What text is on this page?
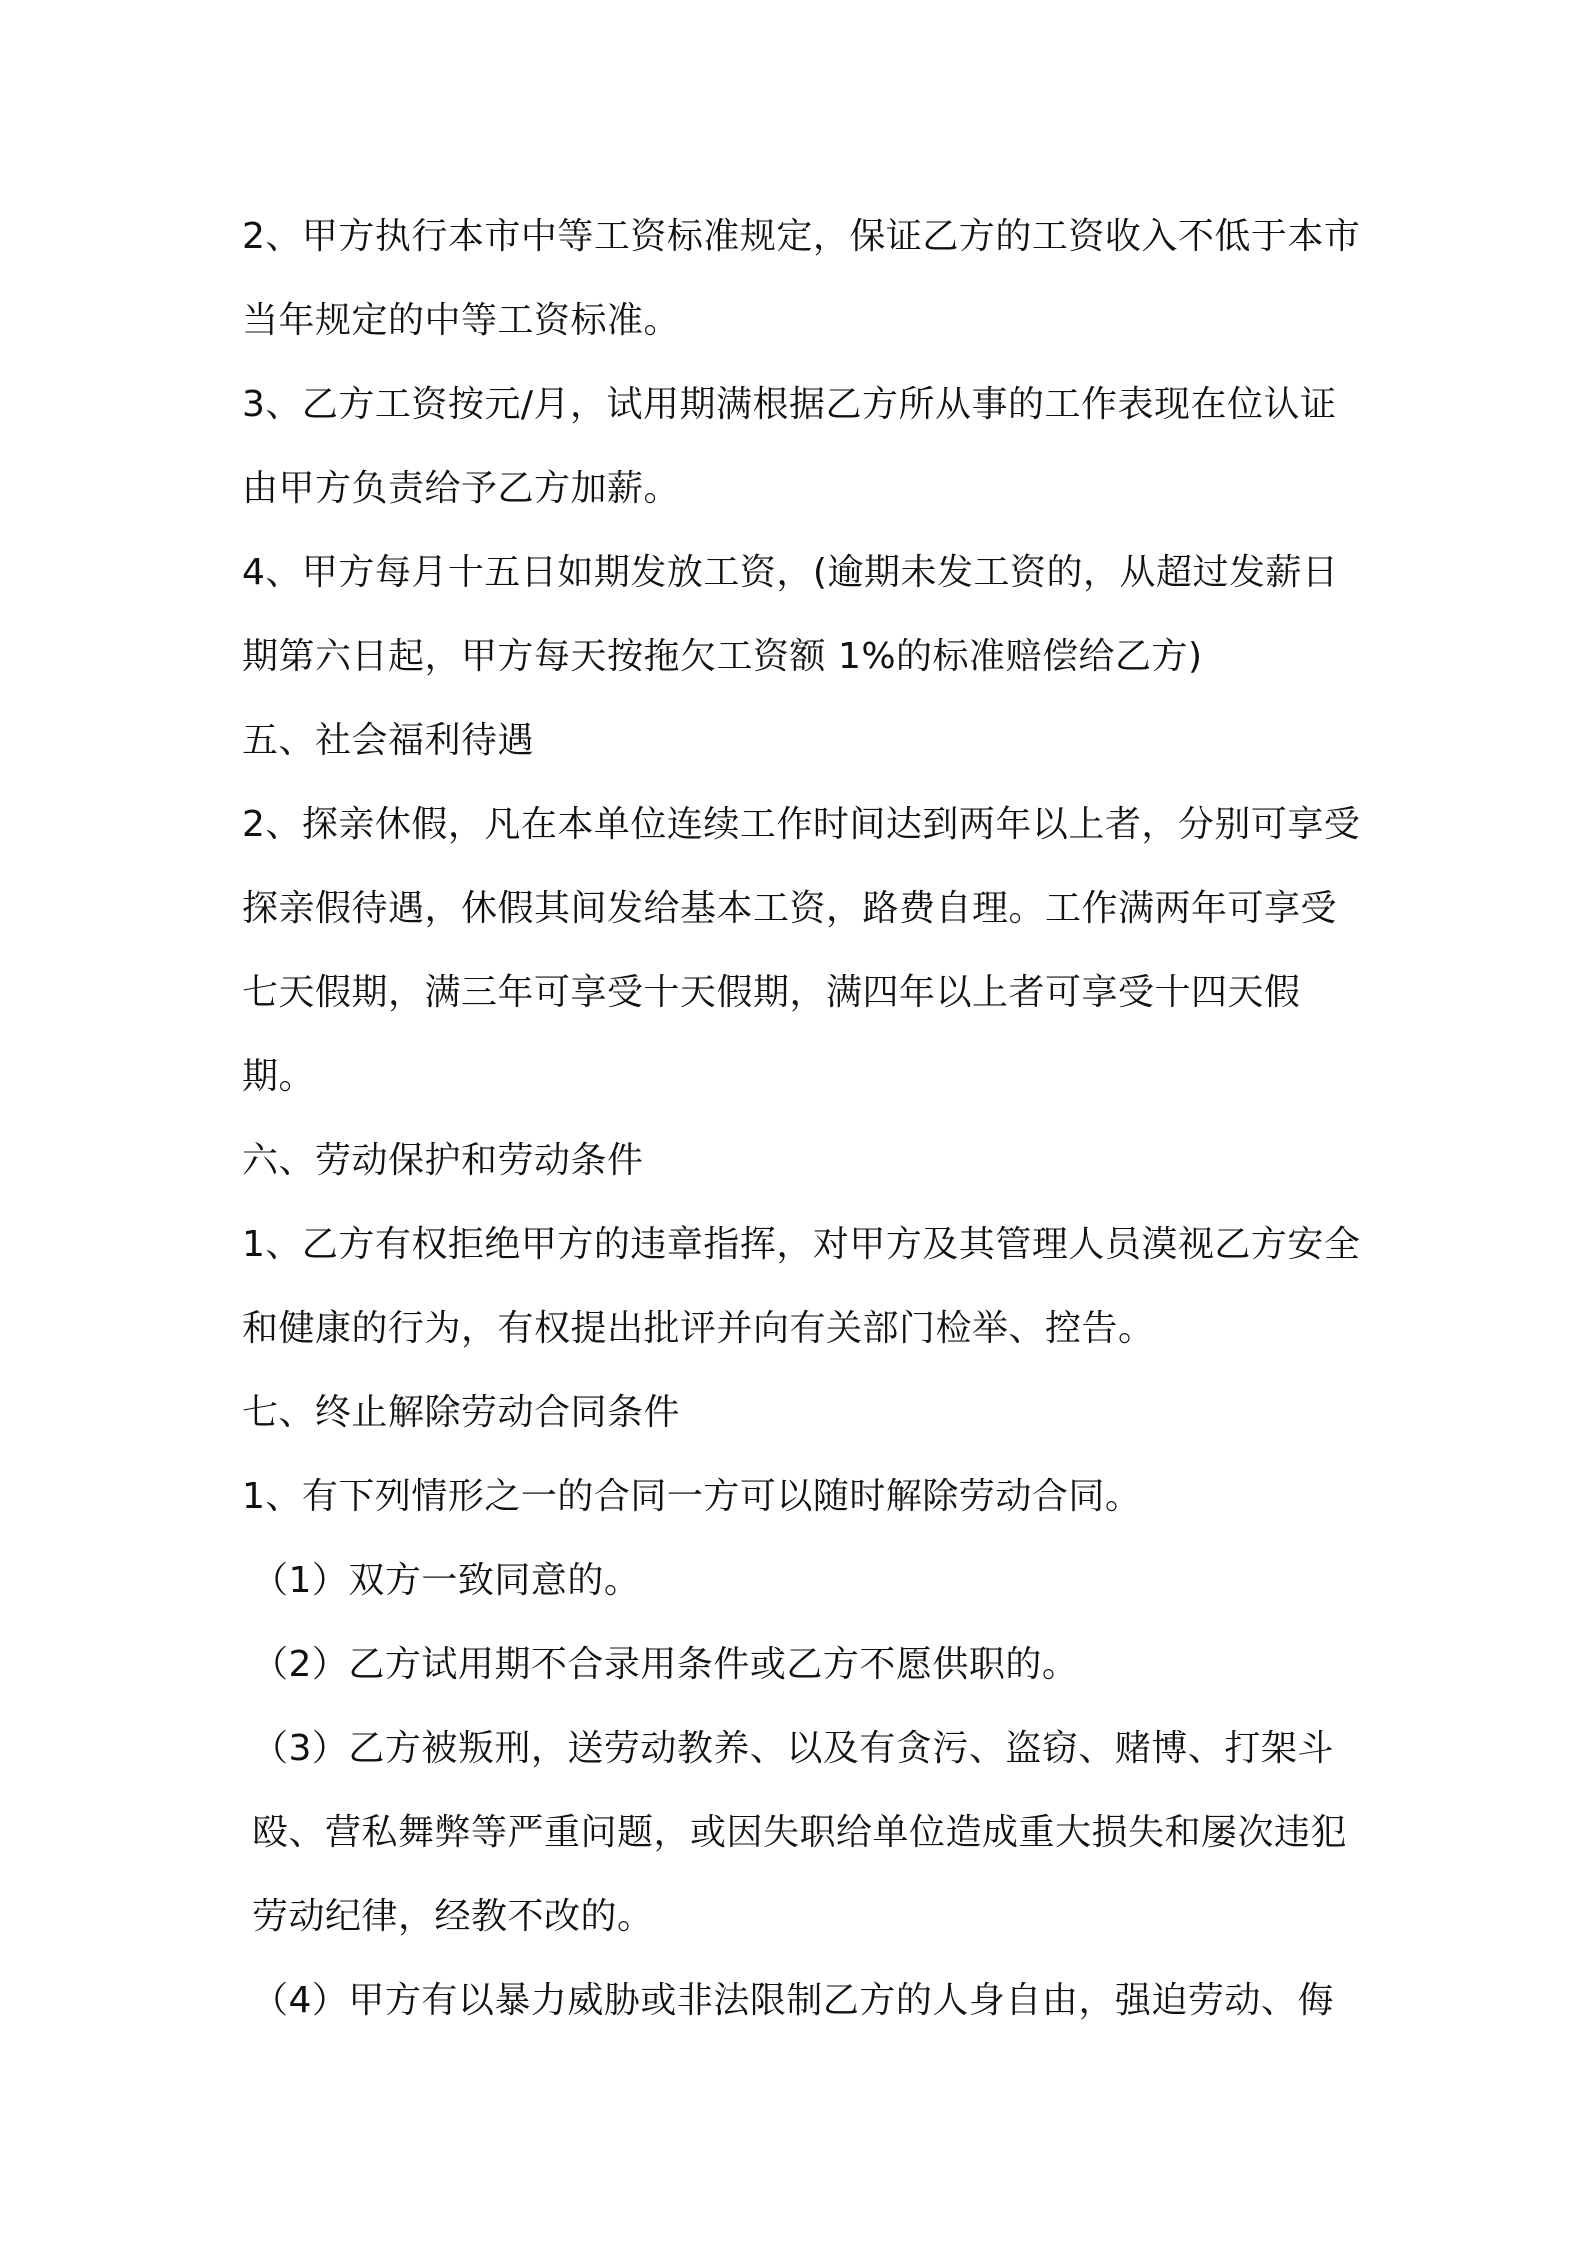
2、甲方执行本市中等工资标准规定，保证乙方的工资收入不低于本市当年规定的中等工资标准。

3、乙方工资按元/月，试用期满根据乙方所从事的工作表现在位认证由甲方负责给予乙方加薪。

4、甲方每月十五日如期发放工资，(逾期未发工资的，从超过发薪日期第六日起，甲方每天按拖欠工资额 1%的标准赔偿给乙方)

五、社会福利待遇

2、探亲休假，凡在本单位连续工作时间达到两年以上者，分别可享受探亲假待遇，休假其间发给基本工资，路费自理。工作满两年可享受七天假期，满三年可享受十天假期，满四年以上者可享受十四天假期。

六、劳动保护和劳动条件

1、乙方有权拒绝甲方的违章指挥，对甲方及其管理人员漠视乙方安全和健康的行为，有权提出批评并向有关部门检举、控告。

七、终止解除劳动合同条件

1、有下列情形之一的合同一方可以随时解除劳动合同。

（1）双方一致同意的。

（2）乙方试用期不合录用条件或乙方不愿供职的。

（3）乙方被叛刑，送劳动教养、以及有贪污、盗窃、赌博、打架斗殴、营私舞弊等严重问题，或因失职给单位造成重大损失和屡次违犯劳动纪律，经教不改的。

（4）甲方有以暴力威胁或非法限制乙方的人身自由，强迫劳动、侮
